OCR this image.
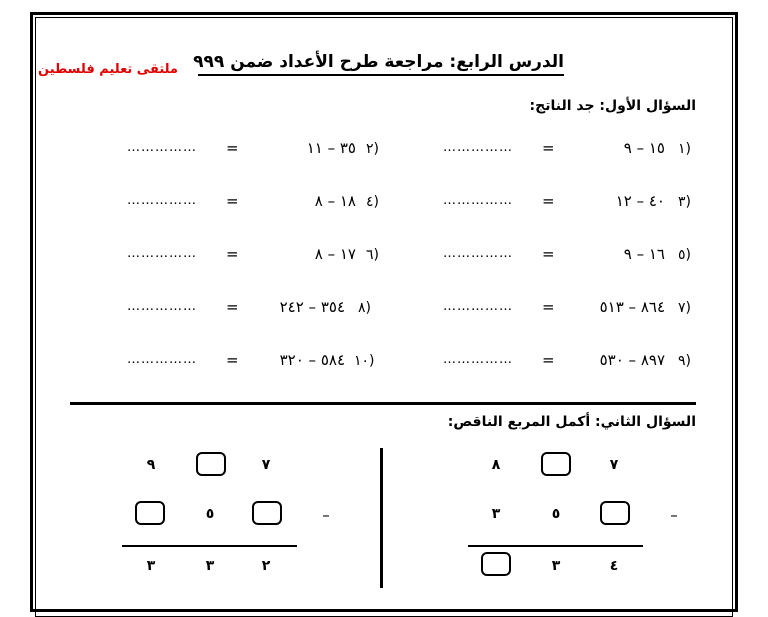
الدرس الرابع: مراجعة طرح الأعداد ضمن ٩٩٩
ملتقى تعليم فلسطين
السؤال الأول: جد الناتج:
(١
١٥ – ٩
=
……………
(٢
٣٥ – ١١
=
……………
(٣
٤٠ – ١٢
=
……………
(٤
١٨ – ٨
=
……………
(٥
١٦ – ٩
=
……………
(٦
١٧ – ٨
=
……………
(٧
٨٦٤ – ٥١٣
=
……………
(٨
٣٥٤ – ٢٤٢
=
……………
(٩
٨٩٧ – ٥٣٠
=
……………
(١٠
٥٨٤ – ٣٢٠
=
……………
السؤال الثاني: أكمل المربع الناقص:
٧
٨
–
٥
٣
٤
٣
٧
٩
–
٥
٢
٣
٣
